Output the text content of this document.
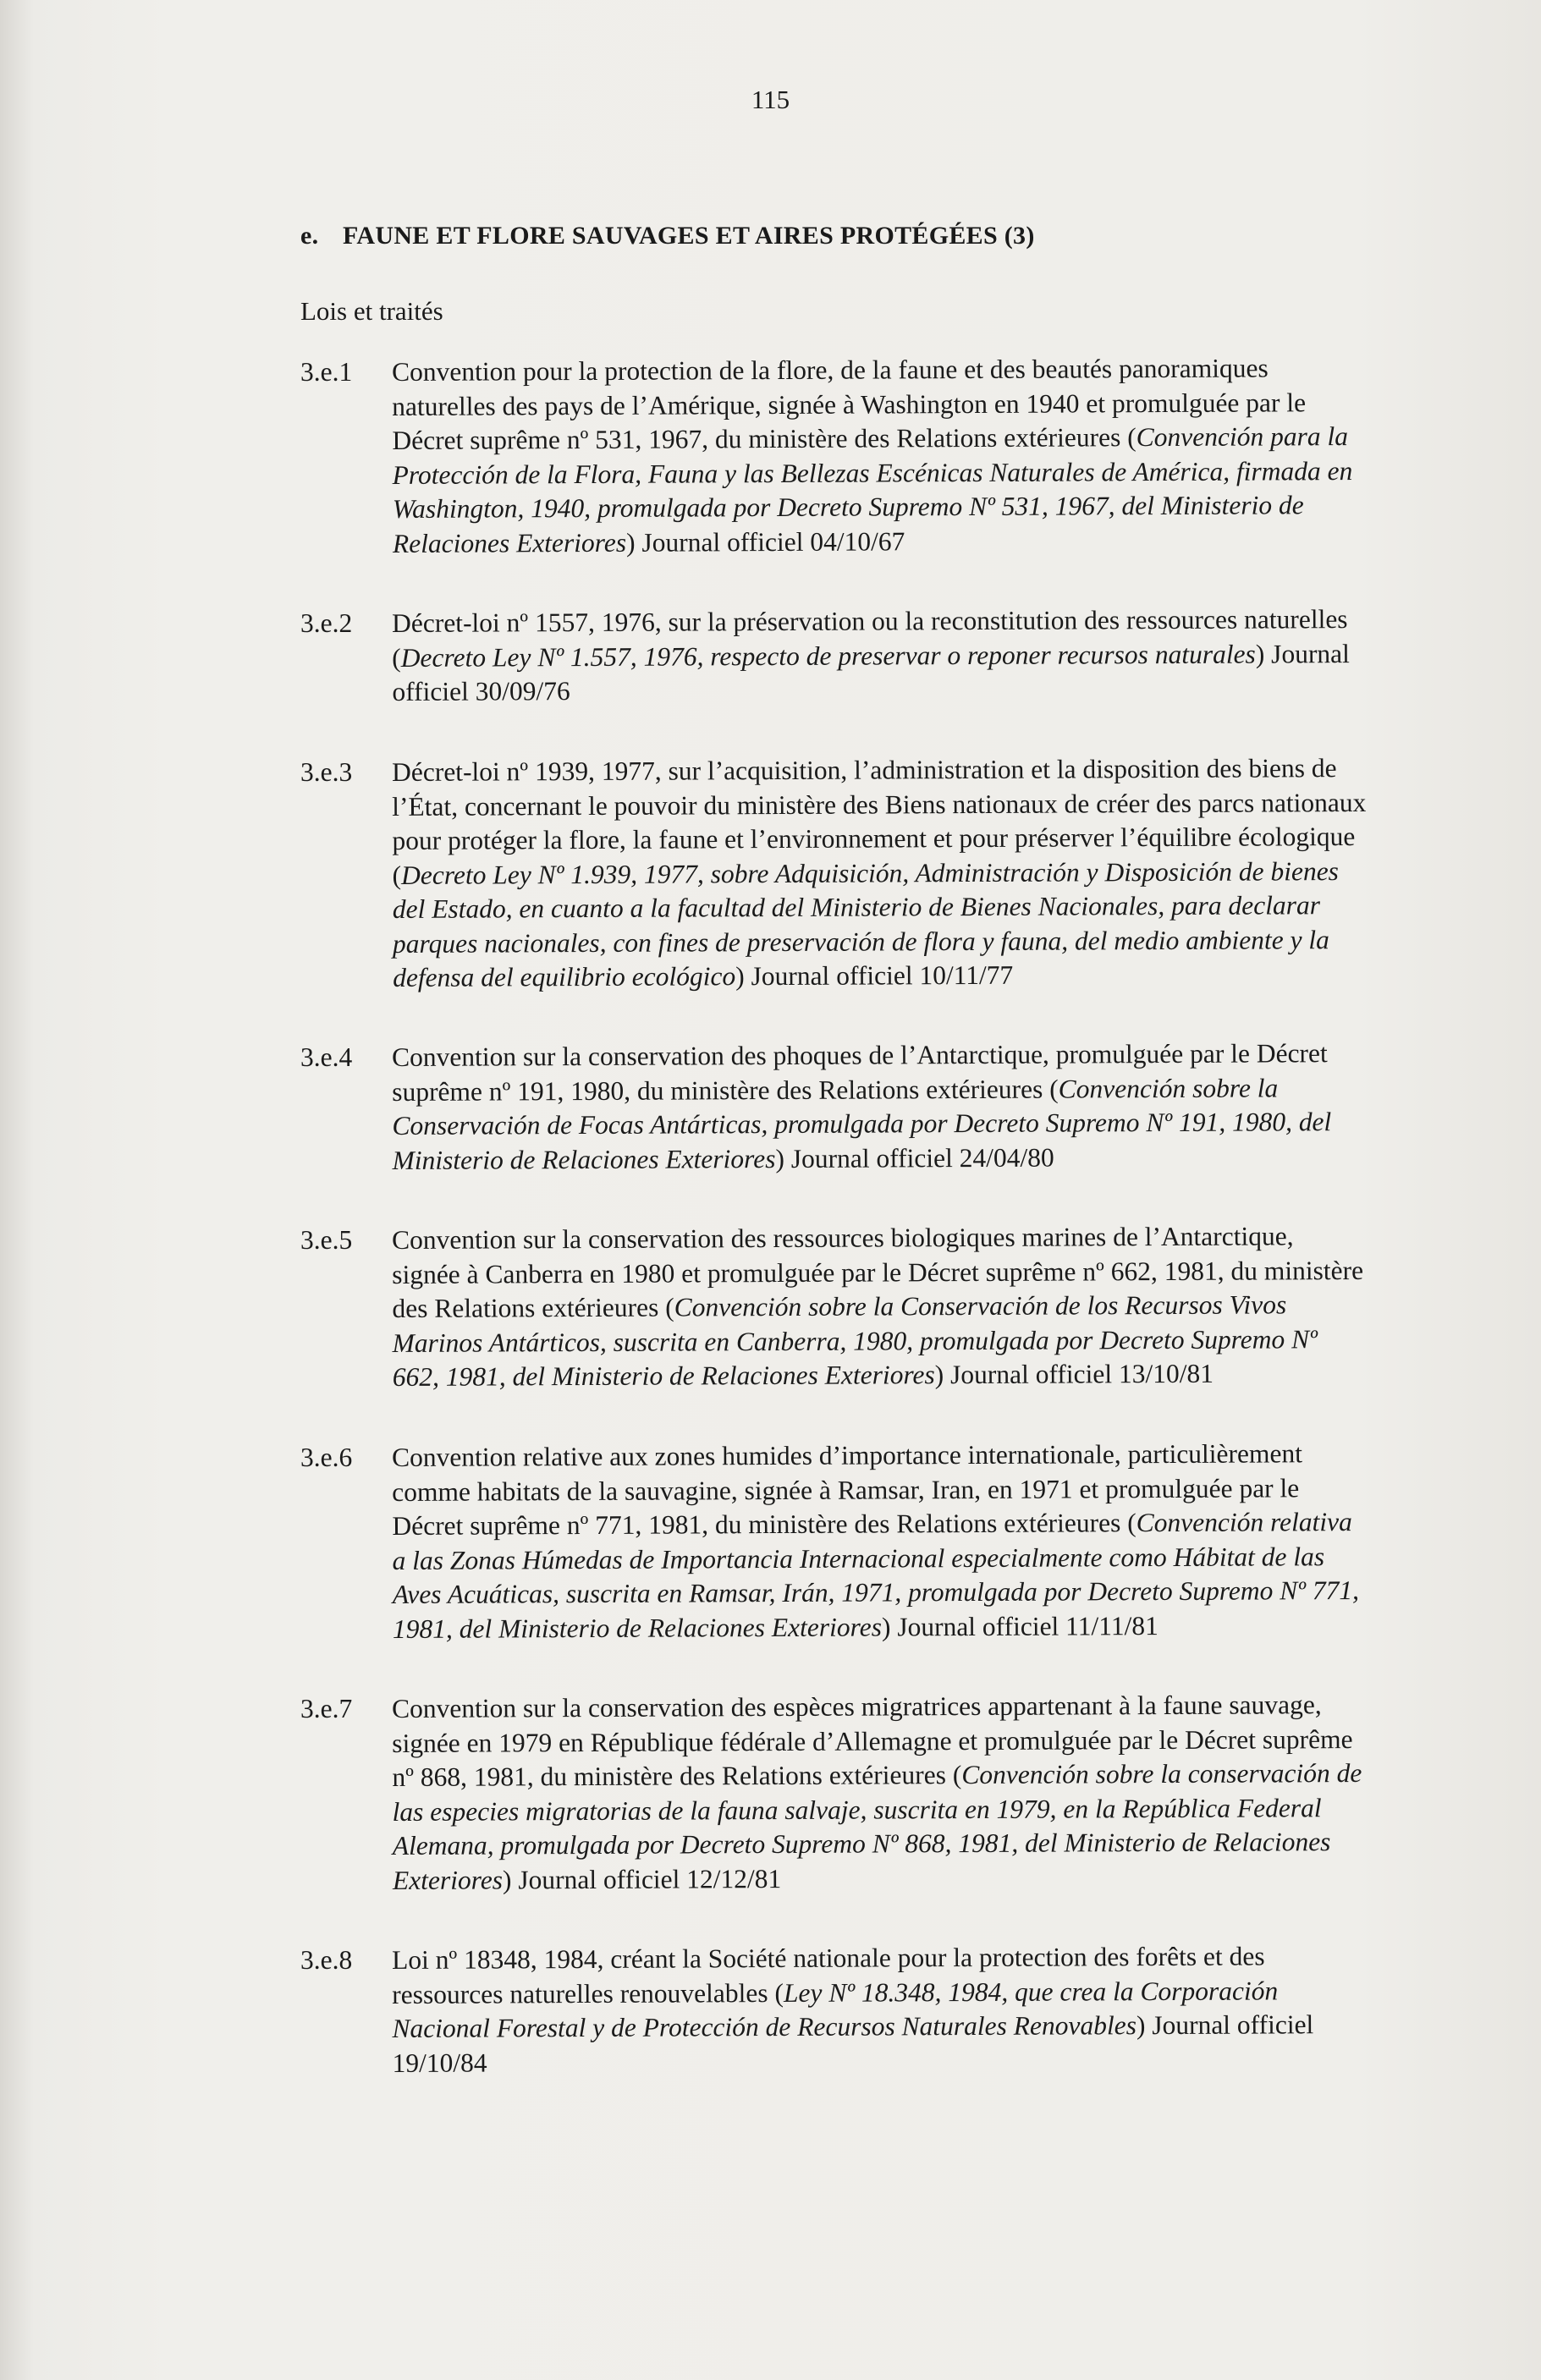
115
e. FAUNE ET FLORE SAUVAGES ET AIRES PROTÉGÉES (3)
Lois et traités
3.e.1	Convention pour la protection de la flore, de la faune et des beautés panoramiques naturelles des pays de l’Amérique, signée à Washington en 1940 et promulguée par le Décret suprême nº 531, 1967, du ministère des Relations extérieures (Convención para la Protección de la Flora, Fauna y las Bellezas Escénicas Naturales de América, firmada en Washington, 1940, promulgada por Decreto Supremo Nº 531, 1967, del Ministerio de Relaciones Exteriores) Journal officiel 04/10/67
3.e.2	Décret-loi nº 1557, 1976, sur la préservation ou la reconstitution des ressources naturelles (Decreto Ley Nº 1.557, 1976, respecto de preservar o reponer recursos naturales) Journal officiel 30/09/76
3.e.3	Décret-loi nº 1939, 1977, sur l’acquisition, l’administration et la disposition des biens de l’État, concernant le pouvoir du ministère des Biens nationaux de créer des parcs nationaux pour protéger la flore, la faune et l’environnement et pour préserver l’équilibre écologique (Decreto Ley Nº 1.939, 1977, sobre Adquisición, Administración y Disposición de bienes del Estado, en cuanto a la facultad del Ministerio de Bienes Nacionales, para declarar parques nacionales, con fines de preservación de flora y fauna, del medio ambiente y la defensa del equilibrio ecológico) Journal officiel 10/11/77
3.e.4	Convention sur la conservation des phoques de l’Antarctique, promulguée par le Décret suprême nº 191, 1980, du ministère des Relations extérieures (Convención sobre la Conservación de Focas Antárticas, promulgada por Decreto Supremo Nº 191, 1980, del Ministerio de Relaciones Exteriores) Journal officiel 24/04/80
3.e.5	Convention sur la conservation des ressources biologiques marines de l’Antarctique, signée à Canberra en 1980 et promulguée par le Décret suprême nº 662, 1981, du ministère des Relations extérieures (Convención sobre la Conservación de los Recursos Vivos Marinos Antárticos, suscrita en Canberra, 1980, promulgada por Decreto Supremo Nº 662, 1981, del Ministerio de Relaciones Exteriores) Journal officiel 13/10/81
3.e.6	Convention relative aux zones humides d’importance internationale, particulièrement comme habitats de la sauvagine, signée à Ramsar, Iran, en 1971 et promulguée par le Décret suprême nº 771, 1981, du ministère des Relations extérieures (Convención relativa a las Zonas Húmedas de Importancia Internacional especialmente como Hábitat de las Aves Acuáticas, suscrita en Ramsar, Irán, 1971, promulgada por Decreto Supremo Nº 771, 1981, del Ministerio de Relaciones Exteriores) Journal officiel 11/11/81
3.e.7	Convention sur la conservation des espèces migratrices appartenant à la faune sauvage, signée en 1979 en République fédérale d’Allemagne et promulguée par le Décret suprême nº 868, 1981, du ministère des Relations extérieures (Convención sobre la conservación de las especies migratorias de la fauna salvaje, suscrita en 1979, en la República Federal Alemana, promulgada por Decreto Supremo Nº 868, 1981, del Ministerio de Relaciones Exteriores) Journal officiel 12/12/81
3.e.8	Loi nº 18348, 1984, créant la Société nationale pour la protection des forêts et des ressources naturelles renouvelables (Ley Nº 18.348, 1984, que crea la Corporación Nacional Forestal y de Protección de Recursos Naturales Renovables) Journal officiel 19/10/84
